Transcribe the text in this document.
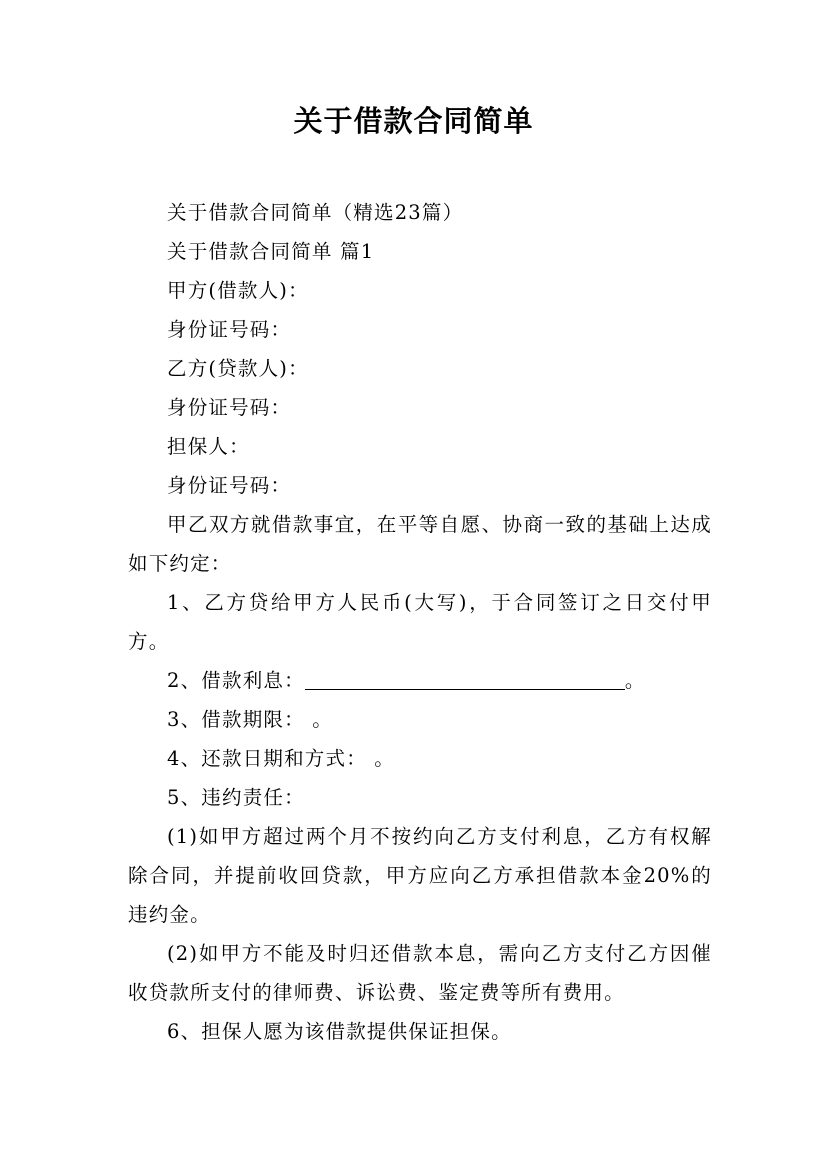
关于借款合同简单

关于借款合同简单（精选23篇）

关于借款合同简单 篇1

甲方(借款人)：

身份证号码：

乙方(贷款人)：

身份证号码：

担保人：

身份证号码：

甲乙双方就借款事宜，在平等自愿、协商一致的基础上达成如下约定：

1、乙方贷给甲方人民币(大写)，于合同签订之日交付甲方。

2、借款利息：	。

3、借款期限： 。

4、还款日期和方式： 。

5、违约责任：

(1)如甲方超过两个月不按约向乙方支付利息，乙方有权解除合同，并提前收回贷款，甲方应向乙方承担借款本金20%的违约金。

(2)如甲方不能及时归还借款本息，需向乙方支付乙方因催收贷款所支付的律师费、诉讼费、鉴定费等所有费用。

6、担保人愿为该借款提供保证担保。
